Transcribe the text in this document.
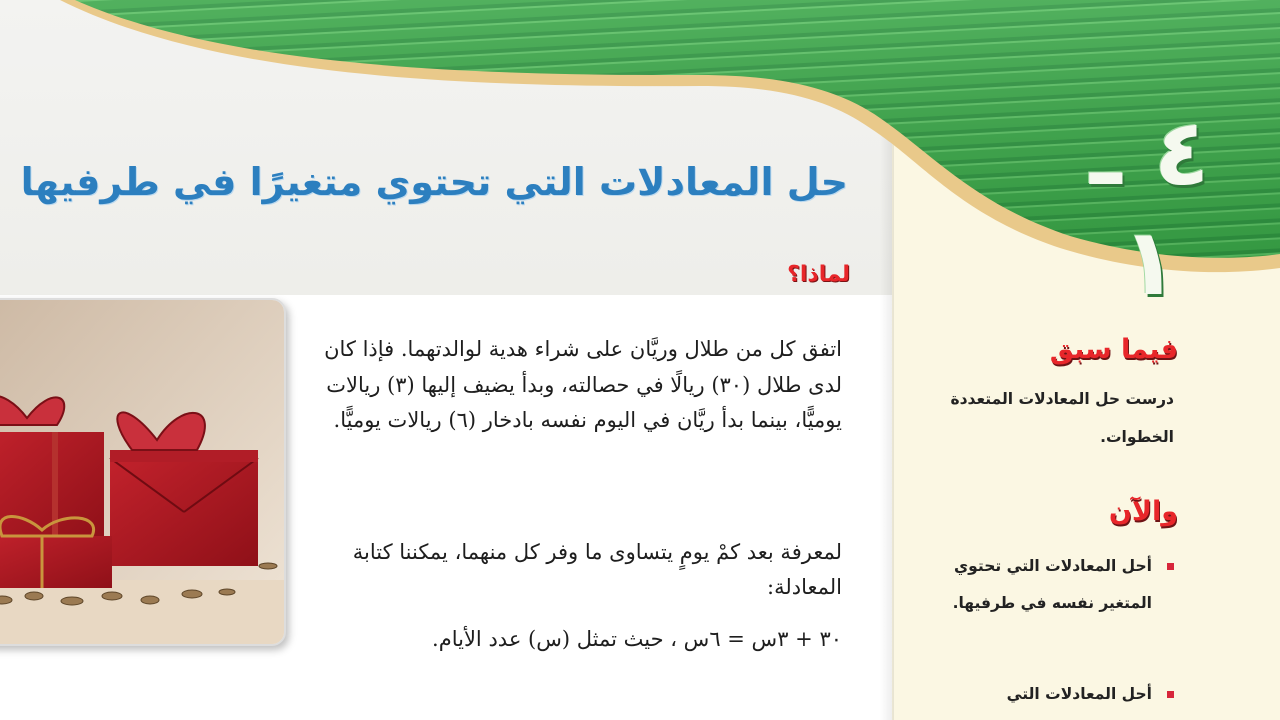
٤ ـ ١
حل المعادلات التي تحتوي متغيرًا في طرفيها
لماذا؟

اتفق كل من طلال وريَّان على شراء هدية لوالدتهما. فإذا كان لدى طلال (٣٠) ريالًا في حصالته، وبدأ يضيف إليها (٣) ريالات يوميًّا، بينما بدأ ريَّان في اليوم نفسه بادخار (٦) ريالات يوميًّا.

لمعرفة بعد كمْ يومٍ يتساوى ما وفر كل منهما، يمكننا كتابة المعادلة:

٣٠ + ٣س = ٦س ، حيث تمثل (س) عدد الأيام.

فيما سبق
درست حل المعادلات المتعددة الخطوات.
والآن
أحل المعادلات التي تحتوي المتغير نفسه في طرفيها.
أحل المعادلات التي
